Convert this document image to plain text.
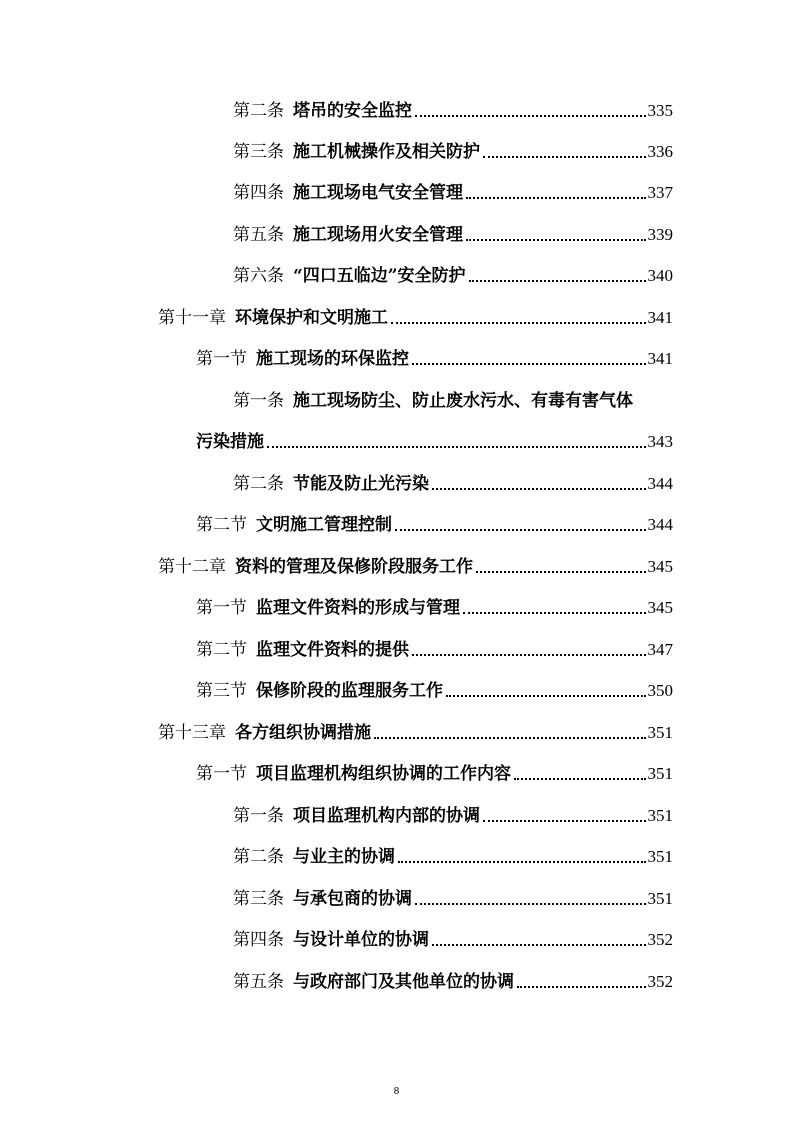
第二条 塔吊的安全监控	335
第三条 施工机械操作及相关防护	336
第四条 施工现场电气安全管理	337
第五条 施工现场用火安全管理	339
第六条 “四口五临边”安全防护	340
第十一章 环境保护和文明施工	341
第一节 施工现场的环保监控	341
第一条 施工现场防尘、防止废水污水、有毒有害气体
污染措施	343
第二条 节能及防止光污染	344
第二节 文明施工管理控制	344
第十二章 资料的管理及保修阶段服务工作	345
第一节 监理文件资料的形成与管理	345
第二节 监理文件资料的提供	347
第三节 保修阶段的监理服务工作	350
第十三章 各方组织协调措施	351
第一节 项目监理机构组织协调的工作内容	351
第一条 项目监理机构内部的协调	351
第二条 与业主的协调	351
第三条 与承包商的协调	351
第四条 与设计单位的协调	352
第五条 与政府部门及其他单位的协调	352
8
